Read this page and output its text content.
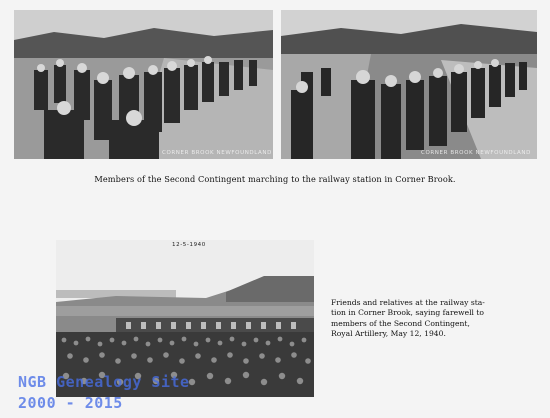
CORNER BROOK NEWFOUNDLAND	CORNER BROOK NEWFOUNDLAND
Members of the Second Contingent marching to the railway station in Corner Brook.
12-5-1940
Friends and relatives at the railway sta-
tion in Corner Brook, saying farewell to
members of the Second Contingent,
Royal Artillery, May 12, 1940.
NGB Genealogy Site
2000 - 2015
